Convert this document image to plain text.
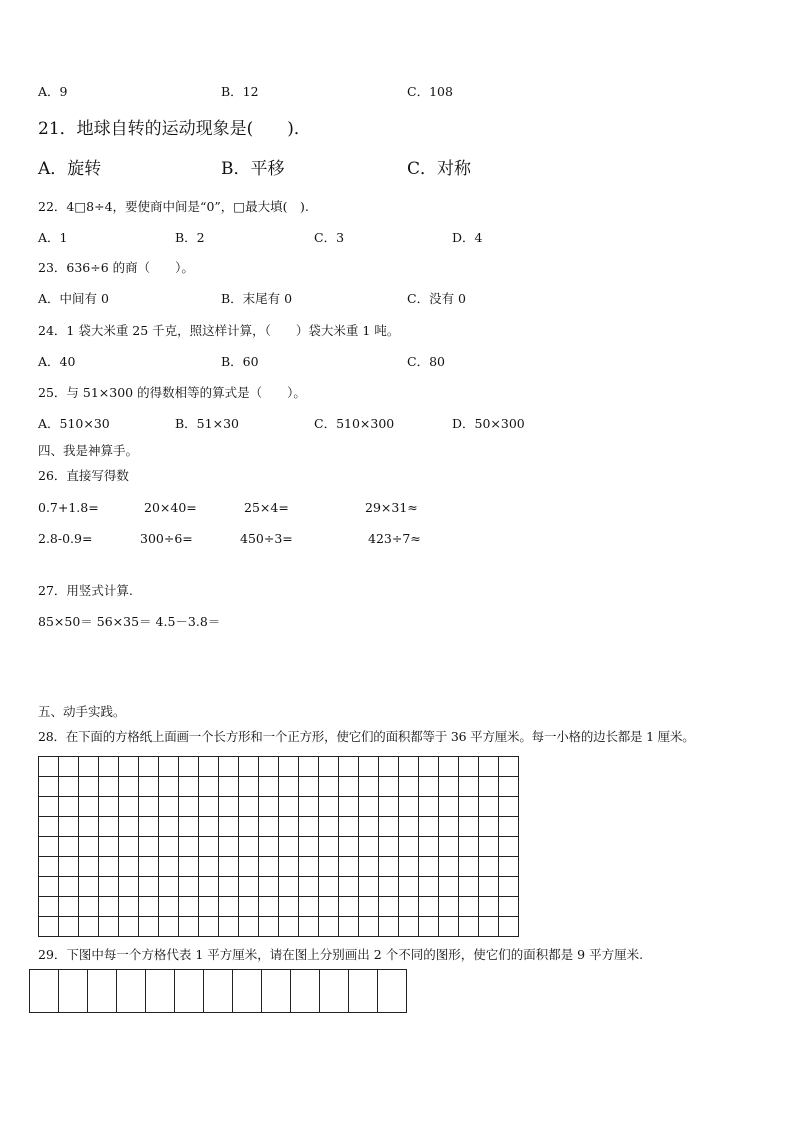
A．9	B．12	C．108
21．地球自转的运动现象是(　　)．
A．旋转	B．平移	C．对称
22．4□8÷4，要使商中间是“0”，□最大填(　).
A．1	B．2	C．3	D．4
23．636÷6 的商（　　）。
A．中间有 0	B．末尾有 0	C．没有 0
24．1 袋大米重 25 千克，照这样计算，（　　）袋大米重 1 吨。
A．40	B．60	C．80
25．与 51×300 的得数相等的算式是（　　）。
A．510×30	B．51×30	C．510×300	D．50×300
四、我是神算手。
26．直接写得数
0.7+1.8=	20×40=	25×4=	29×31≈
2.8-0.9=	300÷6=	450÷3=	423÷7≈
27．用竖式计算.
85×50＝ 56×35＝ 4.5－3.8＝
五、动手实践。
28．在下面的方格纸上面画一个长方形和一个正方形，使它们的面积都等于 36 平方厘米。每一小格的边长都是 1 厘米。
29．下图中每一个方格代表 1 平方厘米，请在图上分别画出 2 个不同的图形，使它们的面积都是 9 平方厘米.
